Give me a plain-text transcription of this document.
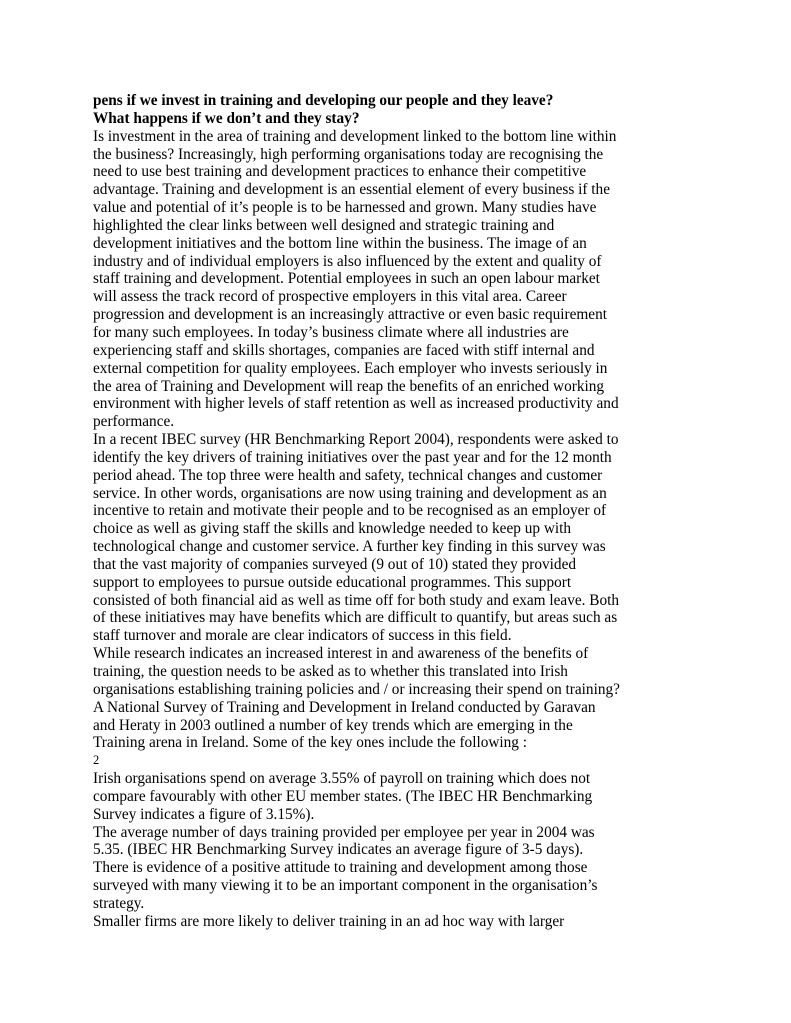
pens if we invest in training and developing our people and they leave?
What happens if we don’t and they stay?
Is investment in the area of training and development linked to the bottom line within
the business? Increasingly, high performing organisations today are recognising the
need to use best training and development practices to enhance their competitive
advantage. Training and development is an essential element of every business if the
value and potential of it’s people is to be harnessed and grown. Many studies have
highlighted the clear links between well designed and strategic training and
development initiatives and the bottom line within the business. The image of an
industry and of individual employers is also influenced by the extent and quality of
staff training and development. Potential employees in such an open labour market
will assess the track record of prospective employers in this vital area. Career
progression and development is an increasingly attractive or even basic requirement
for many such employees. In today’s business climate where all industries are
experiencing staff and skills shortages, companies are faced with stiff internal and
external competition for quality employees. Each employer who invests seriously in
the area of Training and Development will reap the benefits of an enriched working
environment with higher levels of staff retention as well as increased productivity and
performance.
In a recent IBEC survey (HR Benchmarking Report 2004), respondents were asked to
identify the key drivers of training initiatives over the past year and for the 12 month
period ahead. The top three were health and safety, technical changes and customer
service. In other words, organisations are now using training and development as an
incentive to retain and motivate their people and to be recognised as an employer of
choice as well as giving staff the skills and knowledge needed to keep up with
technological change and customer service. A further key finding in this survey was
that the vast majority of companies surveyed (9 out of 10) stated they provided
support to employees to pursue outside educational programmes. This support
consisted of both financial aid as well as time off for both study and exam leave. Both
of these initiatives may have benefits which are difficult to quantify, but areas such as
staff turnover and morale are clear indicators of success in this field.
While research indicates an increased interest in and awareness of the benefits of
training, the question needs to be asked as to whether this translated into Irish
organisations establishing training policies and / or increasing their spend on training?
A National Survey of Training and Development in Ireland conducted by Garavan
and Heraty in 2003 outlined a number of key trends which are emerging in the
Training arena in Ireland. Some of the key ones include the following :
2
Irish organisations spend on average 3.55% of payroll on training which does not
compare favourably with other EU member states. (The IBEC HR Benchmarking
Survey indicates a figure of 3.15%).
The average number of days training provided per employee per year in 2004 was
5.35. (IBEC HR Benchmarking Survey indicates an average figure of 3-5 days).
There is evidence of a positive attitude to training and development among those
surveyed with many viewing it to be an important component in the organisation’s
strategy.
Smaller firms are more likely to deliver training in an ad hoc way with larger
